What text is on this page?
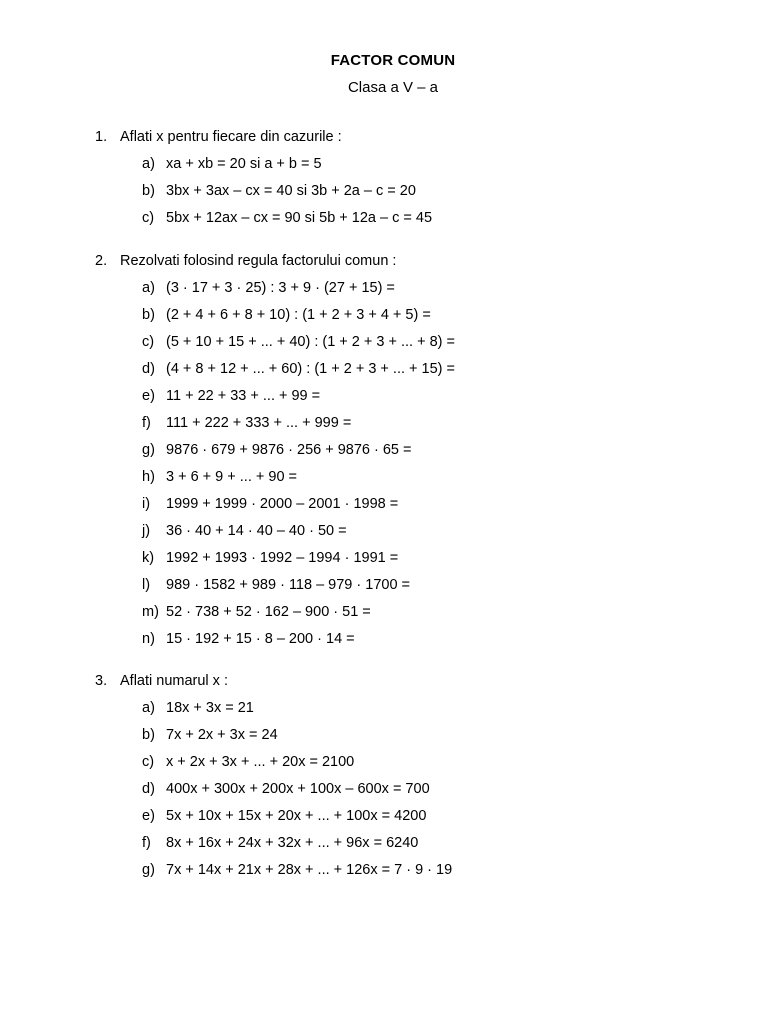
FACTOR COMUN
Clasa a V – a
1. Aflati x pentru fiecare din cazurile :
a) xa + xb = 20 si a + b = 5
b) 3bx + 3ax – cx = 40 si 3b + 2a – c = 20
c) 5bx + 12ax – cx = 90 si 5b + 12a – c = 45
2. Rezolvati folosind regula factorului comun :
a) (3 · 17 + 3 · 25) : 3 + 9 · (27 + 15) =
b) (2 + 4 + 6 + 8 + 10) : (1 + 2 + 3 + 4 + 5) =
c) (5 + 10 + 15 + ... + 40) : (1 + 2 + 3 + ... + 8) =
d) (4 + 8 + 12 + ... + 60) : (1 + 2 + 3 + ... + 15) =
e) 11 + 22 + 33 + ... + 99 =
f) 111 + 222 + 333 + ... + 999 =
g) 9876 · 679 + 9876 · 256 + 9876 · 65 =
h) 3 + 6 + 9 + ... + 90 =
i) 1999 + 1999 · 2000 – 2001 · 1998 =
j) 36 · 40 + 14 · 40 – 40 · 50 =
k) 1992 + 1993 · 1992 – 1994 · 1991 =
l) 989 · 1582 + 989 · 118 – 979 · 1700 =
m) 52 · 738 + 52 · 162 – 900 · 51 =
n) 15 · 192 + 15 · 8 – 200 · 14 =
3. Aflati numarul x :
a) 18x + 3x = 21
b) 7x + 2x + 3x = 24
c) x + 2x + 3x + ... + 20x = 2100
d) 400x + 300x + 200x + 100x – 600x = 700
e) 5x + 10x + 15x + 20x + ... + 100x = 4200
f) 8x + 16x + 24x + 32x + ... + 96x = 6240
g) 7x + 14x + 21x + 28x + ... + 126x = 7 · 9 · 19
